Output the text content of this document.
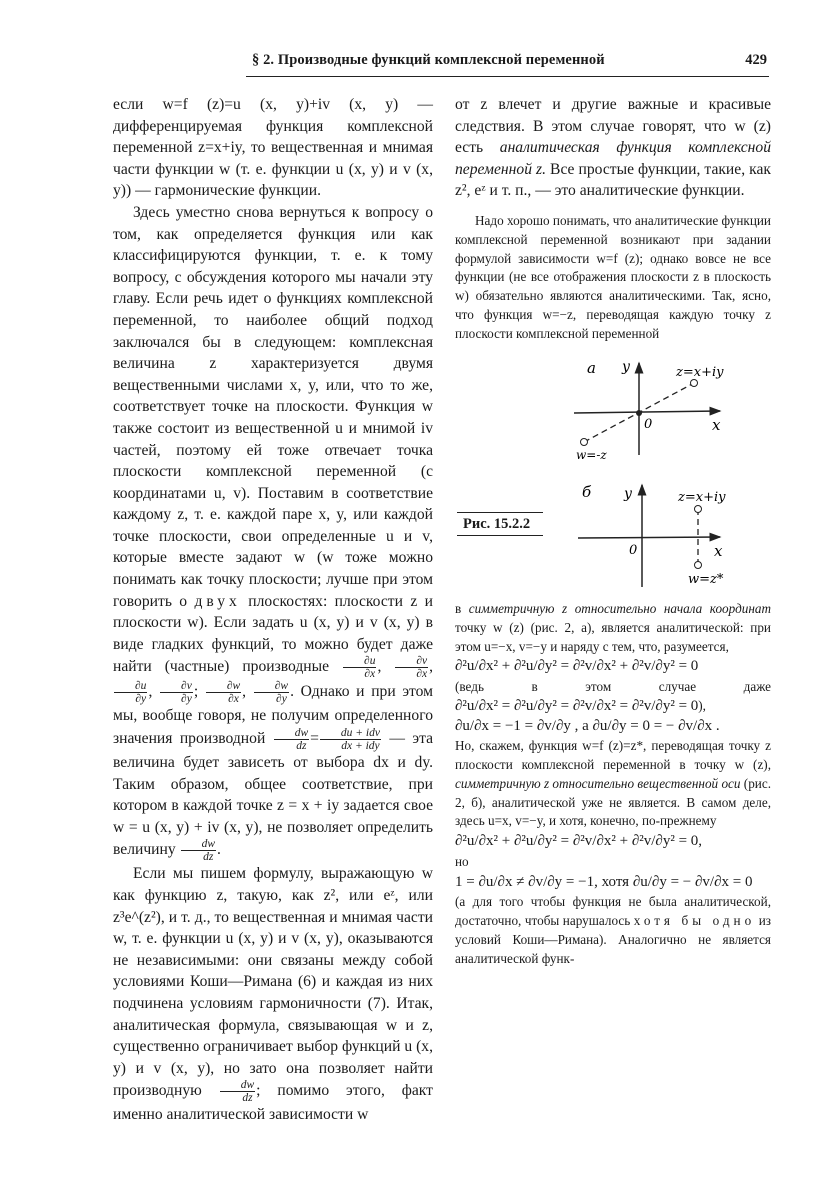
§ 2. Производные функций комплексной переменной	429

если w=f (z)=u (x, y)+iv (x, y) — дифференцируемая функция комплексной переменной z=x+iy, то вещественная и мнимая части функции w (т. е. функции u (x, y) и v (x, y)) — гармонические функции.

Здесь уместно снова вернуться к вопросу о том, как определяется функция или как классифицируются функции, т. е. к тому вопросу, с обсуждения которого мы начали эту главу. Если речь идет о функциях комплексной переменной, то наиболее общий подход заключался бы в следующем: комплексная величина z характеризуется двумя вещественными числами x, y, или, что то же, соответствует точке на плоскости. Функция w также состоит из вещественной u и мнимой iv частей, поэтому ей тоже отвечает точка плоскости комплексной переменной (с координатами u, v). Поставим в соответствие каждому z, т. е. каждой паре x, y, или каждой точке плоскости, свои определенные u и v, которые вместе задают w (w тоже можно понимать как точку плоскости; лучше при этом говорить о двух плоскостях: плоскости z и плоскости w). Если задать u (x, y) и v (x, y) в виде гладких функций, то можно будет даже найти (частные) производные $\frac{\partial u}{\partial x}$ , $\frac{\partial v}{\partial x}$ ,
$\frac{\partial u}{\partial y}$ , $\frac{\partial v}{\partial y}$ ; $\frac{\partial w}{\partial x}$ , $\frac{\partial w}{\partial y}$ . Однако и при этом мы, вообще говоря, не получим определенного значения производной $\frac{dw}{dz} = \frac{\text{du + idv}}{\text{dx + idy}}$ — эта величина будет зависеть от выбора dx и dy. Таким образом, общее соответствие, при котором в каждой точке z = x + iy задается свое w = u (x, y) + iv (x, y), не позволяет определить величину $\frac{dw}{dz}$ .

Если мы пишем формулу, выражающую w как функцию z, такую, как z², или eᶻ, или z³e^(z²), и т. д., то вещественная и мнимая части w, т. е. функции u (x, y) и v (x, y), оказываются не независимыми: они связаны между собой условиями Коши—Римана (6) и каждая из них подчинена условиям гармоничности (7). Итак, аналитическая формула, связывающая w и z, существенно ограничивает выбор функций u (x, y) и v (x, y), но зато она позволяет найти производную $\frac{dw}{dz}$ ; помимо этого, факт именно аналитической зависимости w

от z влечет и другие важные и красивые следствия. В этом случае говорят, что w (z) есть аналитическая функция комплексной переменной z. Все простые функции, такие, как z², eᶻ и т. п., — это аналитические функции.

Надо хорошо понимать, что аналитические функции комплексной переменной возникают при задании формулой зависимости w=f (z); однако вовсе не все функции (не все отображения плоскости z в плоскость w) обязательно являются аналитическими. Так, ясно, что функция w=−z, переводящая каждую точку z плоскости комплексной переменной

а y	z=x+iy
0	x
w=-z
б y	z=x+iy
0	x
w=z*
Рис. 15.2.2

в симметричную z относительно начала координат точку w (z) (рис. 2, а), является аналитической: при этом u=−x, v=−y и наряду с тем, что, разумеется,

∂²u/∂x² + ∂²u/∂y² = ∂²v/∂x² + ∂²v/∂y² = 0

(ведь в этом случае даже ∂²u/∂x² = ∂²u/∂y² = ∂²v/∂x² = ∂²v/∂y² = 0),

∂u/∂x = −1 = ∂v/∂y , а ∂u/∂y = 0 = − ∂v/∂x .

Но, скажем, функция w=f (z)=z*, переводящая точку z плоскости комплексной переменной в точку w (z), симметричную z относительно вещественной оси (рис. 2, б), аналитической уже не является. В самом деле, здесь u=x, v=−y, и хотя, конечно, по-прежнему

∂²u/∂x² + ∂²u/∂y² = ∂²v/∂x² + ∂²v/∂y² = 0,

но

1 = ∂u/∂x ≠ ∂v/∂y = −1, хотя ∂u/∂y = − ∂v/∂x = 0

(а для того чтобы функция не была аналитической, достаточно, чтобы нарушалось хотя бы одно из условий Коши—Римана). Аналогично не является аналитической функ-
